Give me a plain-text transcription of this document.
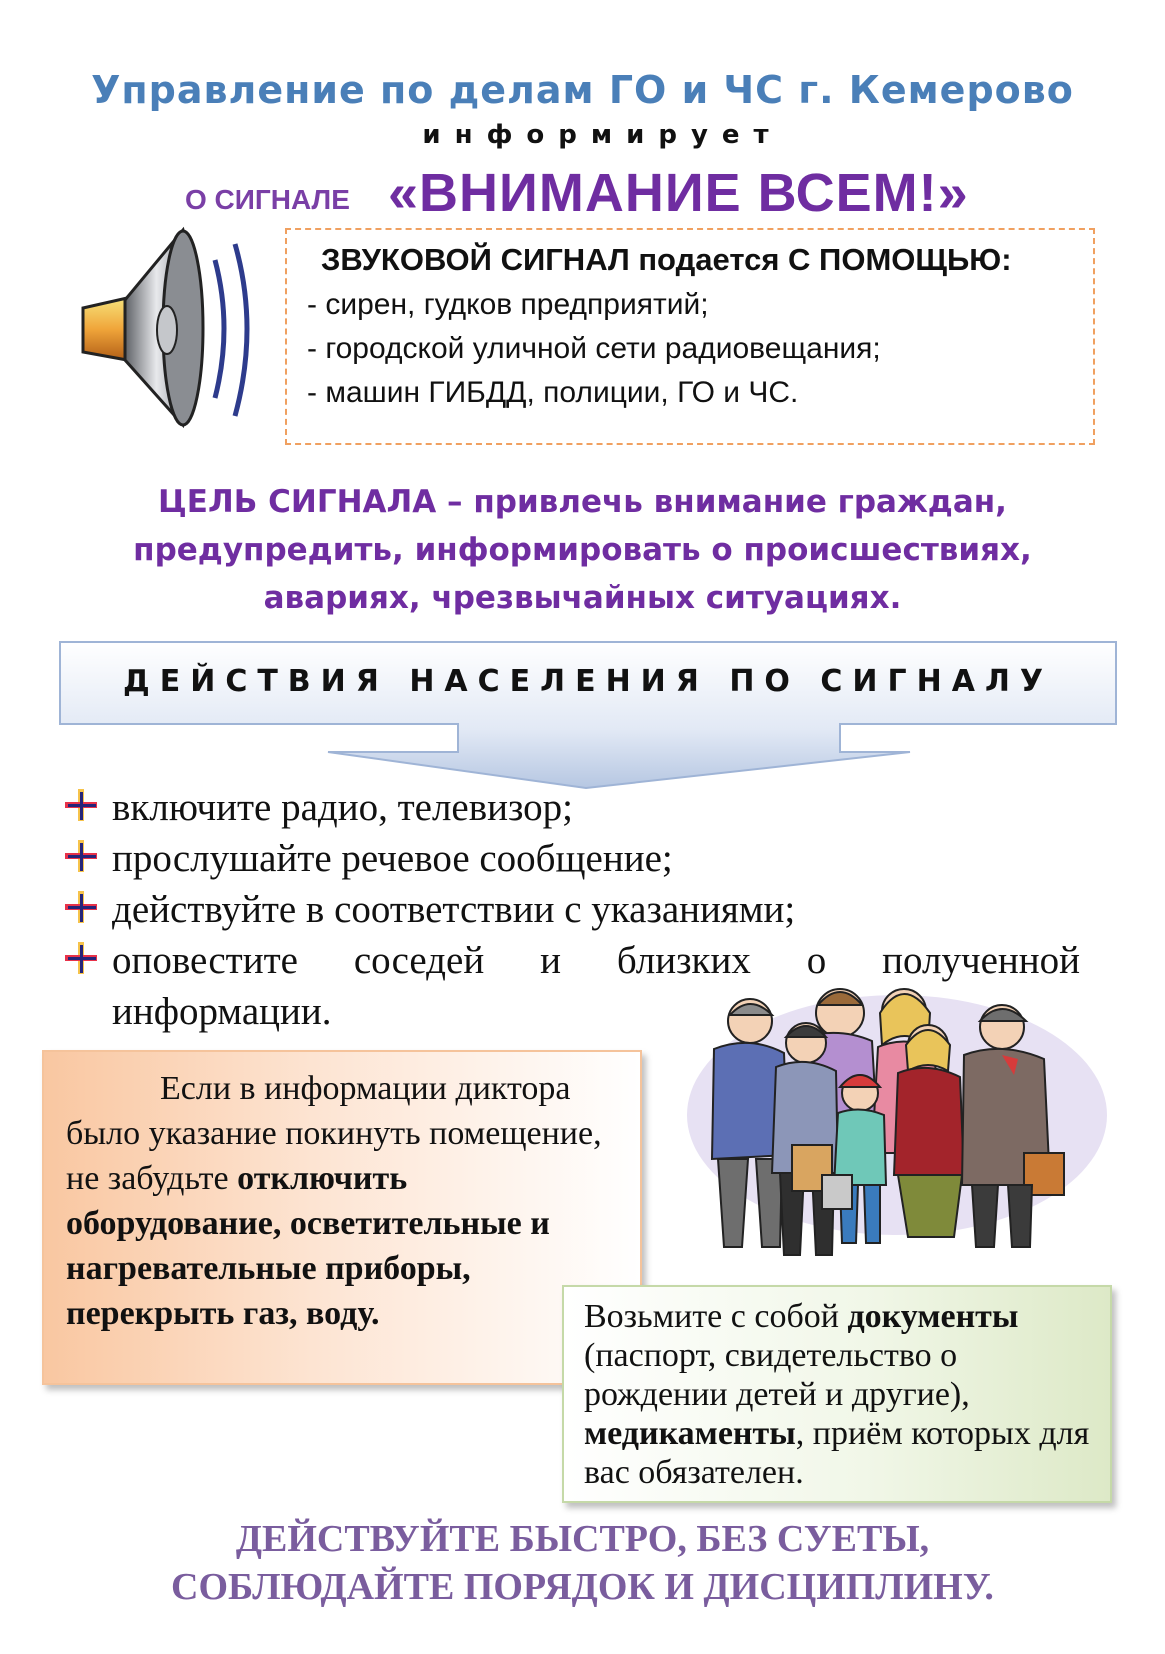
Управление по делам ГО и ЧС г. Кемерово
информирует
О СИГНАЛЕ «ВНИМАНИЕ ВСЕМ!»
ЗВУКОВОЙ СИГНАЛ подается С ПОМОЩЬЮ:
- сирен, гудков предприятий;
- городской уличной сети радиовещания;
- машин ГИБДД, полиции, ГО и ЧС.
ЦЕЛЬ СИГНАЛА – привлечь внимание граждан,
предупредить, информировать о происшествиях,
авариях, чрезвычайных ситуациях.
ДЕЙСТВИЯ НАСЕЛЕНИЯ ПО СИГНАЛУ
включите радио, телевизор;
прослушайте речевое сообщение;
действуйте в соответствии с указаниями;
оповестите соседей и близких о полученной
информации.
Если в информации диктора было указание покинуть помещение, не забудьте отключить оборудование, осветительные и нагревательные приборы, перекрыть газ, воду.	Возьмите с собой документы (паспорт, свидетельство о рождении детей и другие), медикаменты, приём которых для вас обязателен.
ДЕЙСТВУЙТЕ БЫСТРО, БЕЗ СУЕТЫ,
СОБЛЮДАЙТЕ ПОРЯДОК И ДИСЦИПЛИНУ.
